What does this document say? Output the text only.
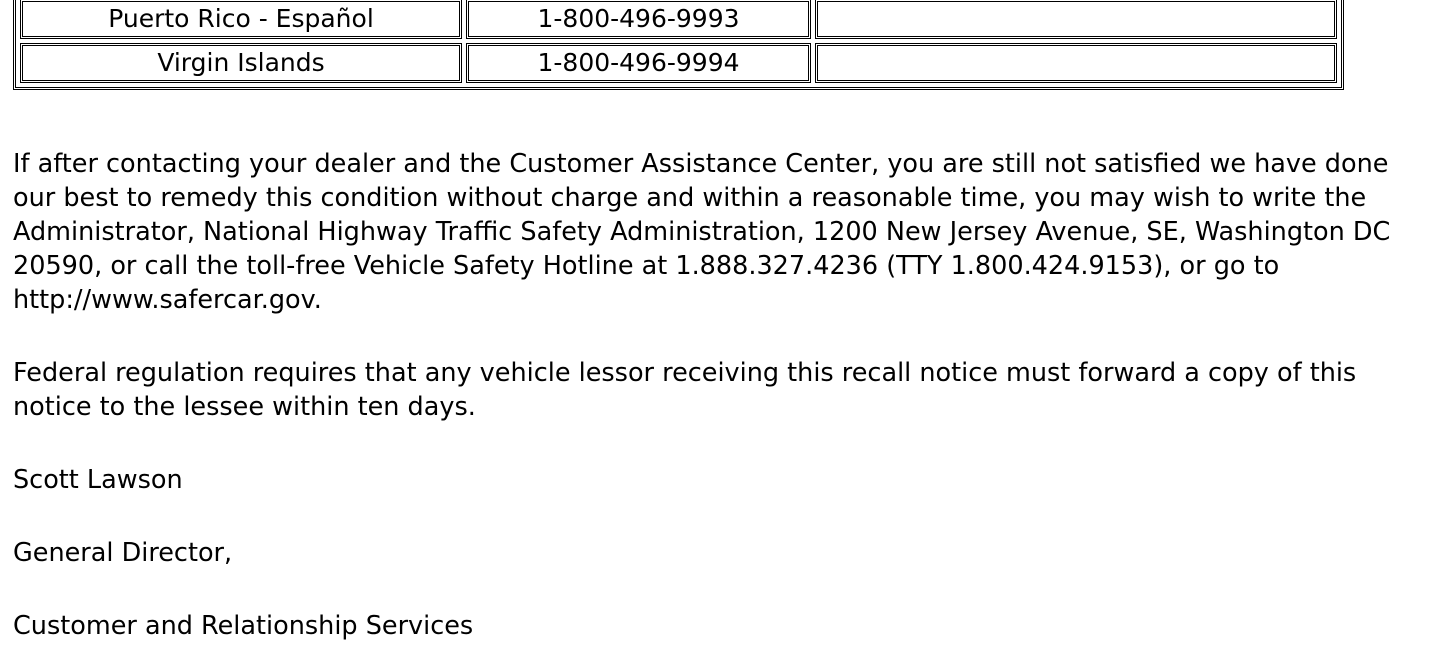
Puerto Rico - Español	1-800-496-9993	
Virgin Islands	1-800-496-9994	

If after contacting your dealer and the Customer Assistance Center, you are still not satisfied we have done our best to remedy this condition without charge and within a reasonable time, you may wish to write the Administrator, National Highway Traffic Safety Administration, 1200 New Jersey Avenue, SE, Washington DC 20590, or call the toll-free Vehicle Safety Hotline at 1.888.327.4236 (TTY 1.800.424.9153), or go to http://www.safercar.gov.

Federal regulation requires that any vehicle lessor receiving this recall notice must forward a copy of this notice to the lessee within ten days.

Scott Lawson

General Director,

Customer and Relationship Services
